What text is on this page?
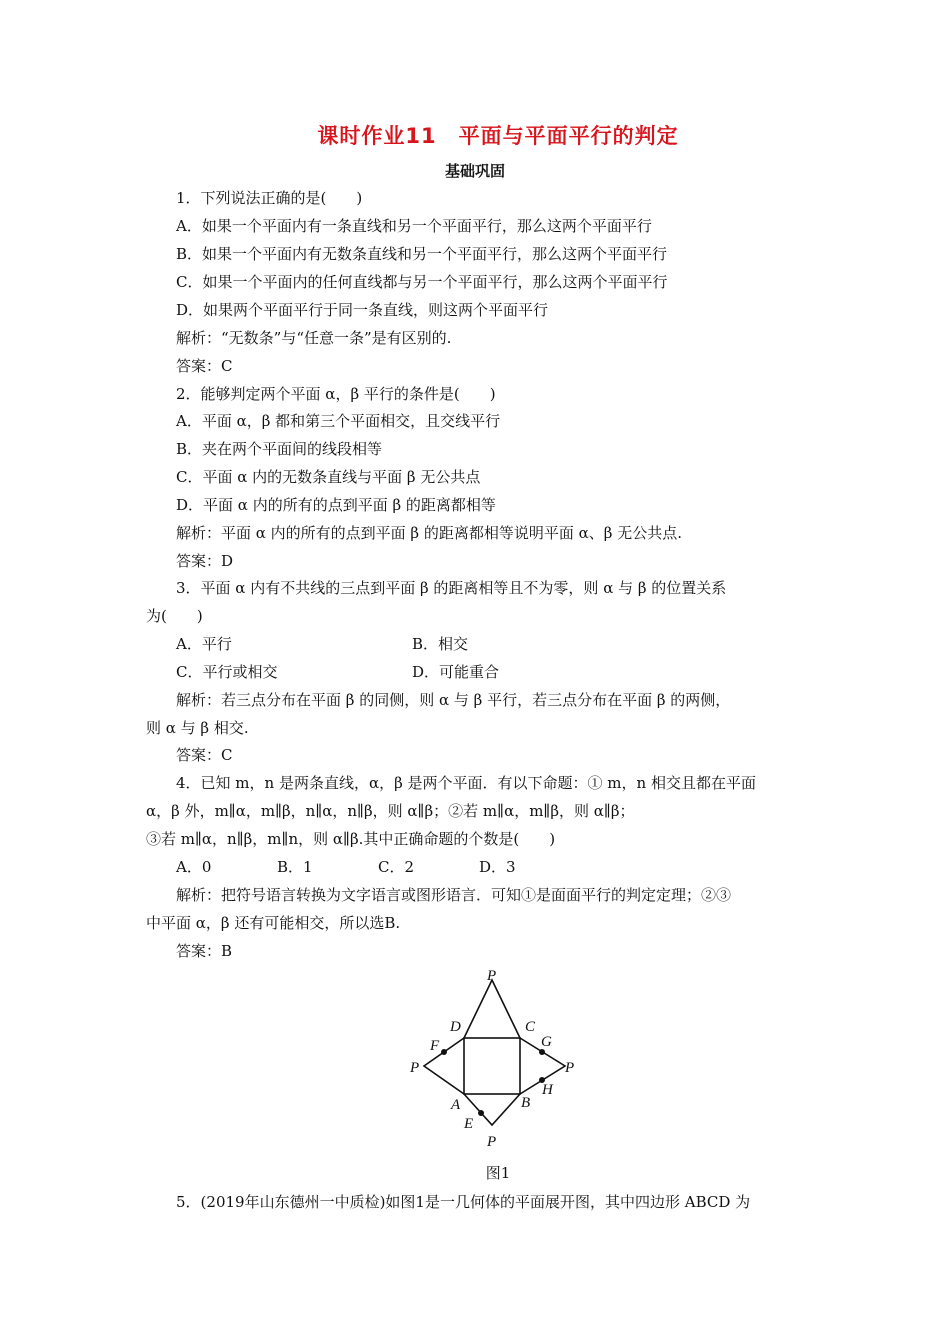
课时作业11　平面与平面平行的判定
基础巩固
1．下列说法正确的是(　　)
A．如果一个平面内有一条直线和另一个平面平行，那么这两个平面平行
B．如果一个平面内有无数条直线和另一个平面平行，那么这两个平面平行
C．如果一个平面内的任何直线都与另一个平面平行，那么这两个平面平行
D．如果两个平面平行于同一条直线，则这两个平面平行
解析：“无数条”与“任意一条”是有区别的.
答案：C
2．能够判定两个平面 α，β 平行的条件是(　　)
A．平面 α，β 都和第三个平面相交，且交线平行
B．夹在两个平面间的线段相等
C．平面 α 内的无数条直线与平面 β 无公共点
D．平面 α 内的所有的点到平面 β 的距离都相等
解析：平面 α 内的所有的点到平面 β 的距离都相等说明平面 α、β 无公共点.
答案：D
3．平面 α 内有不共线的三点到平面 β 的距离相等且不为零，则 α 与 β 的位置关系
为(　　)
A．平行	B．相交
C．平行或相交	D．可能重合
解析：若三点分布在平面 β 的同侧，则 α 与 β 平行，若三点分布在平面 β 的两侧，
则 α 与 β 相交.
答案：C
4．已知 m，n 是两条直线，α，β 是两个平面．有以下命题：① m，n 相交且都在平面
α，β 外，m∥α，m∥β，n∥α，n∥β，则 α∥β；②若 m∥α，m∥β，则 α∥β；
③若 m∥α，n∥β，m∥n，则 α∥β.其中正确命题的个数是(　　)
A．0	B．1	C．2	D．3
解析：把符号语言转换为文字语言或图形语言．可知①是面面平行的判定定理；②③
中平面 α，β 还有可能相交，所以选B.
答案：B
P
D	C
G
F
P	P
H
A	B
E
P
图1
5．(2019年山东德州一中质检)如图1是一几何体的平面展开图，其中四边形 ABCD 为
